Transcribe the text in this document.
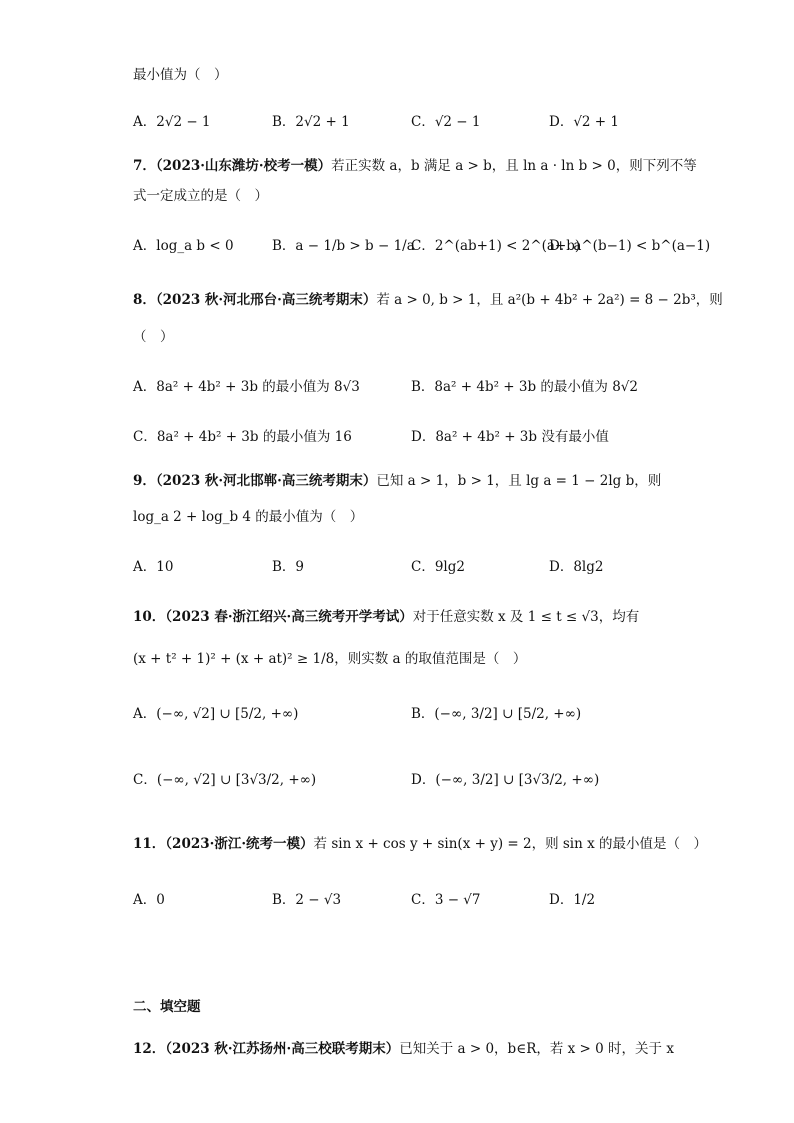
最小值为（　）
A．2√2 − 1	B．2√2 + 1	C．√2 − 1	D．√2 + 1
7．（2023·山东潍坊·校考一模）若正实数 a，b 满足 a > b，且 ln a · ln b > 0，则下列不等
式一定成立的是（　）
A．log_a b < 0	B．a − 1/b > b − 1/a
C．2^(ab+1) < 2^(a+b)
D．a^(b−1) < b^(a−1)
8．（2023 秋·河北邢台·高三统考期末）若 a > 0, b > 1，且 a²(b + 4b² + 2a²) = 8 − 2b³，则
（　）
A．8a² + 4b² + 3b 的最小值为 8√3	B．8a² + 4b² + 3b 的最小值为 8√2
C．8a² + 4b² + 3b 的最小值为 16	D．8a² + 4b² + 3b 没有最小值
9．（2023 秋·河北邯郸·高三统考期末）已知 a > 1，b > 1，且 lg a = 1 − 2lg b，则
log_a 2 + log_b 4 的最小值为（　）
A．10	B．9	C．9lg2	D．8lg2
10．（2023 春·浙江绍兴·高三统考开学考试）对于任意实数 x 及 1 ≤ t ≤ √3，均有
(x + t² + 1)² + (x + at)² ≥ 1/8，则实数 a 的取值范围是（　）
A．(−∞, √2] ∪ [5/2, +∞)	B．(−∞, 3/2] ∪ [5/2, +∞)
C．(−∞, √2] ∪ [3√3/2, +∞)	D．(−∞, 3/2] ∪ [3√3/2, +∞)
11．（2023·浙江·统考一模）若 sin x + cos y + sin(x + y) = 2，则 sin x 的最小值是（　）
A．0	B．2 − √3	C．3 − √7	D．1/2
二、填空题
12．（2023 秋·江苏扬州·高三校联考期末）已知关于 a > 0，b∈R，若 x > 0 时，关于 x
